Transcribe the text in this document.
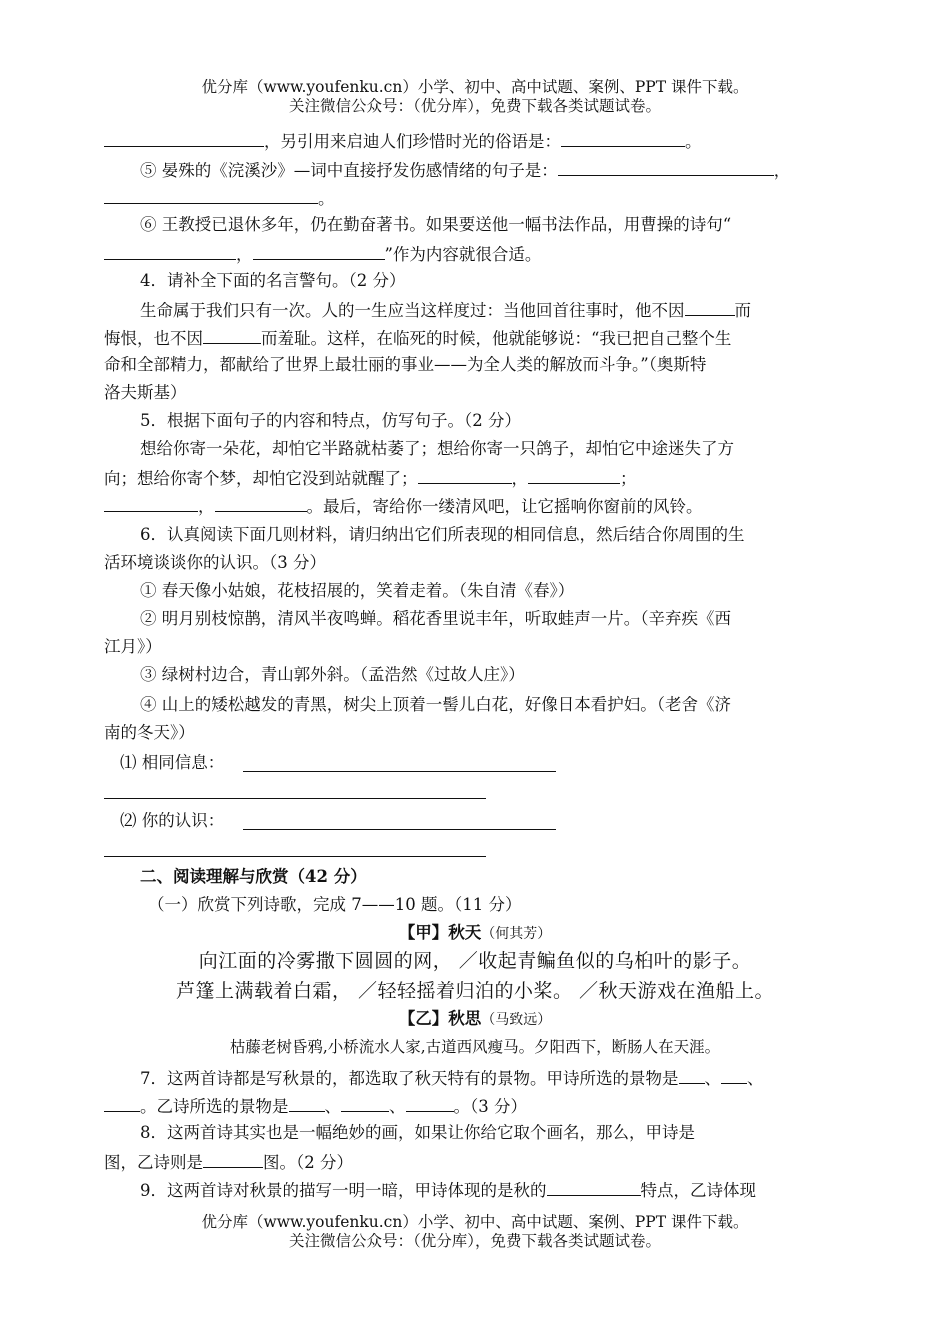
优分库（www.youfenku.cn）小学、初中、高中试题、案例、PPT 课件下载。
关注微信公众号：（优分库），免费下载各类试题试卷。
，另引用来启迪人们珍惜时光的俗语是：	。
⑤ 晏殊的《浣溪沙》—词中直接抒发伤感情绪的句子是：	，
。
⑥ 王教授已退休多年，仍在勤奋著书。如果要送他一幅书法作品，用曹操的诗句“
，	”作为内容就很合适。
4．请补全下面的名言警句。（2 分）
生命属于我们只有一次。人的一生应当这样度过：当他回首往事时，他不因	而
悔恨，也不因	而羞耻。这样，在临死的时候，他就能够说：“我已把自己整个生
命和全部精力，都献给了世界上最壮丽的事业——为全人类的解放而斗争。”（奥斯特
洛夫斯基）
5．根据下面句子的内容和特点，仿写句子。（2 分）
想给你寄一朵花，却怕它半路就枯萎了；想给你寄一只鸽子，却怕它中途迷失了方
向；想给你寄个梦，却怕它没到站就醒了；	，	；
，	。最后，寄给你一缕清风吧，让它摇响你窗前的风铃。
6．认真阅读下面几则材料，请归纳出它们所表现的相同信息，然后结合你周围的生
活环境谈谈你的认识。（3 分）
① 春天像小姑娘，花枝招展的，笑着走着。（朱自清《春》）
② 明月别枝惊鹊，清风半夜鸣蝉。稻花香里说丰年，听取蛙声一片。（辛弃疾《西
江月》）
③ 绿树村边合，青山郭外斜。（孟浩然《过故人庄》）
④ 山上的矮松越发的青黑，树尖上顶着一髻儿白花，好像日本看护妇。（老舍《济
南的冬天》）
⑴ 相同信息：
⑵ 你的认识：
二、阅读理解与欣赏（42 分）
（一）欣赏下列诗歌，完成 7——10 题。（11 分）
【甲】秋天（何其芳）
向江面的冷雾撒下圆圆的网， ／收起青鳊鱼似的乌桕叶的影子。
芦篷上满载着白霜， ／轻轻摇着归泊的小桨。 ／秋天游戏在渔船上。
【乙】秋思（马致远）
枯藤老树昏鸦,小桥流水人家,古道西风瘦马。夕阳西下，断肠人在天涯。
7．这两首诗都是写秋景的，都选取了秋天特有的景物。甲诗所选的景物是 、 、
。乙诗所选的景物是 、	、	。（3 分）
8．这两首诗其实也是一幅绝妙的画，如果让你给它取个画名，那么，甲诗是
图，乙诗则是	图。（2 分）
9．这两首诗对秋景的描写一明一暗，甲诗体现的是秋的	特点，乙诗体现
优分库（www.youfenku.cn）小学、初中、高中试题、案例、PPT 课件下载。
关注微信公众号：（优分库），免费下载各类试题试卷。
